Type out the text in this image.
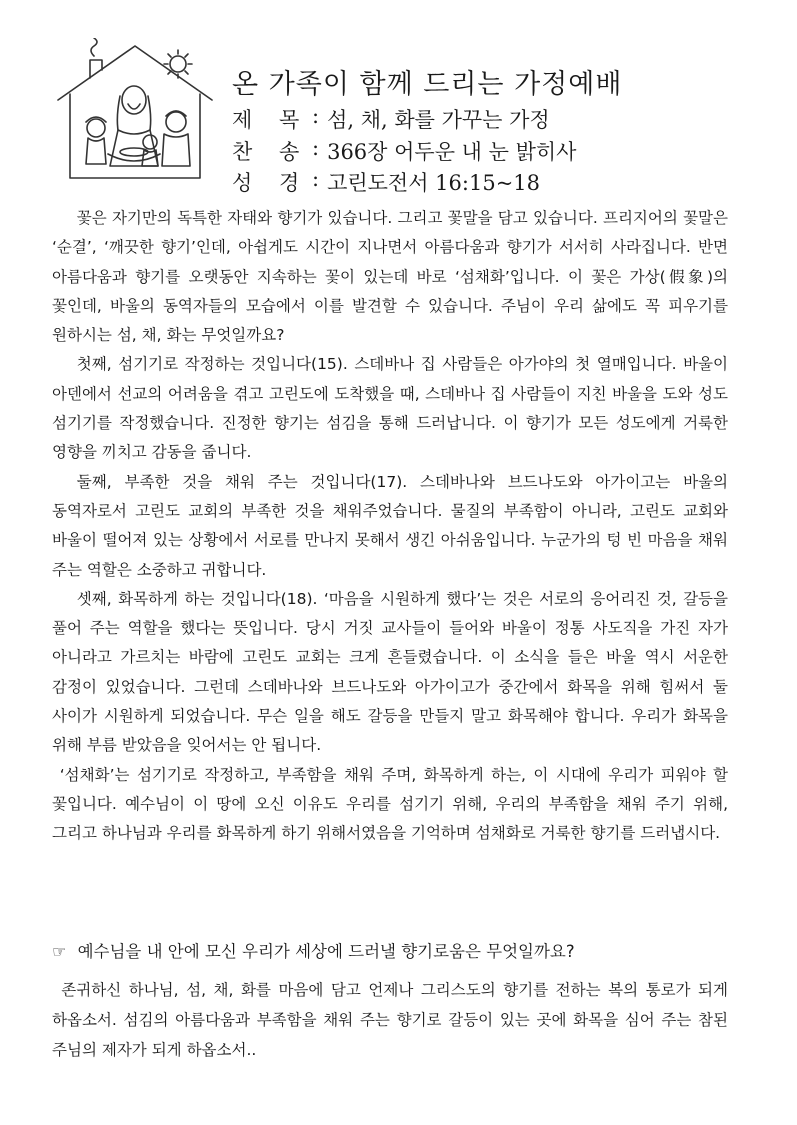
온 가족이 함께 드리는 가정예배
제 목 : 섬, 채, 화를 가꾸는 가정
찬 송 : 366장 어두운 내 눈 밝히사
성 경 : 고린도전서 16:15~18

꽃은 자기만의 독특한 자태와 향기가 있습니다. 그리고 꽃말을 담고 있습니다. 프리지어의 꽃말은 ‘순결’, ‘깨끗한 향기’인데, 아쉽게도 시간이 지나면서 아름다움과 향기가 서서히 사라집니다. 반면 아름다움과 향기를 오랫동안 지속하는 꽃이 있는데 바로 ‘섬채화’입니다. 이 꽃은 가상(假象)의 꽃인데, 바울의 동역자들의 모습에서 이를 발견할 수 있습니다. 주님이 우리 삶에도 꼭 피우기를 원하시는 섬, 채, 화는 무엇일까요?

첫째, 섬기기로 작정하는 것입니다(15). 스데바나 집 사람들은 아가야의 첫 열매입니다. 바울이 아덴에서 선교의 어려움을 겪고 고린도에 도착했을 때, 스데바나 집 사람들이 지친 바울을 도와 성도 섬기기를 작정했습니다. 진정한 향기는 섬김을 통해 드러납니다. 이 향기가 모든 성도에게 거룩한 영향을 끼치고 감동을 줍니다.

둘째, 부족한 것을 채워 주는 것입니다(17). 스데바나와 브드나도와 아가이고는 바울의 동역자로서 고린도 교회의 부족한 것을 채워주었습니다. 물질의 부족함이 아니라, 고린도 교회와 바울이 떨어져 있는 상황에서 서로를 만나지 못해서 생긴 아쉬움입니다. 누군가의 텅 빈 마음을 채워 주는 역할은 소중하고 귀합니다.

셋째, 화목하게 하는 것입니다(18). ‘마음을 시원하게 했다’는 것은 서로의 응어리진 것, 갈등을 풀어 주는 역할을 했다는 뜻입니다. 당시 거짓 교사들이 들어와 바울이 정통 사도직을 가진 자가 아니라고 가르치는 바람에 고린도 교회는 크게 흔들렸습니다. 이 소식을 들은 바울 역시 서운한 감정이 있었습니다. 그런데 스데바나와 브드나도와 아가이고가 중간에서 화목을 위해 힘써서 둘 사이가 시원하게 되었습니다. 무슨 일을 해도 갈등을 만들지 말고 화목해야 합니다. 우리가 화목을 위해 부름 받았음을 잊어서는 안 됩니다.

‘섬채화’는 섬기기로 작정하고, 부족함을 채워 주며, 화목하게 하는, 이 시대에 우리가 피워야 할 꽃입니다. 예수님이 이 땅에 오신 이유도 우리를 섬기기 위해, 우리의 부족함을 채워 주기 위해, 그리고 하나님과 우리를 화목하게 하기 위해서였음을 기억하며 섬채화로 거룩한 향기를 드러냅시다.

☞ 예수님을 내 안에 모신 우리가 세상에 드러낼 향기로움은 무엇일까요?

존귀하신 하나님, 섬, 채, 화를 마음에 담고 언제나 그리스도의 향기를 전하는 복의 통로가 되게 하옵소서. 섬김의 아름다움과 부족함을 채워 주는 향기로 갈등이 있는 곳에 화목을 심어 주는 참된 주님의 제자가 되게 하옵소서..
